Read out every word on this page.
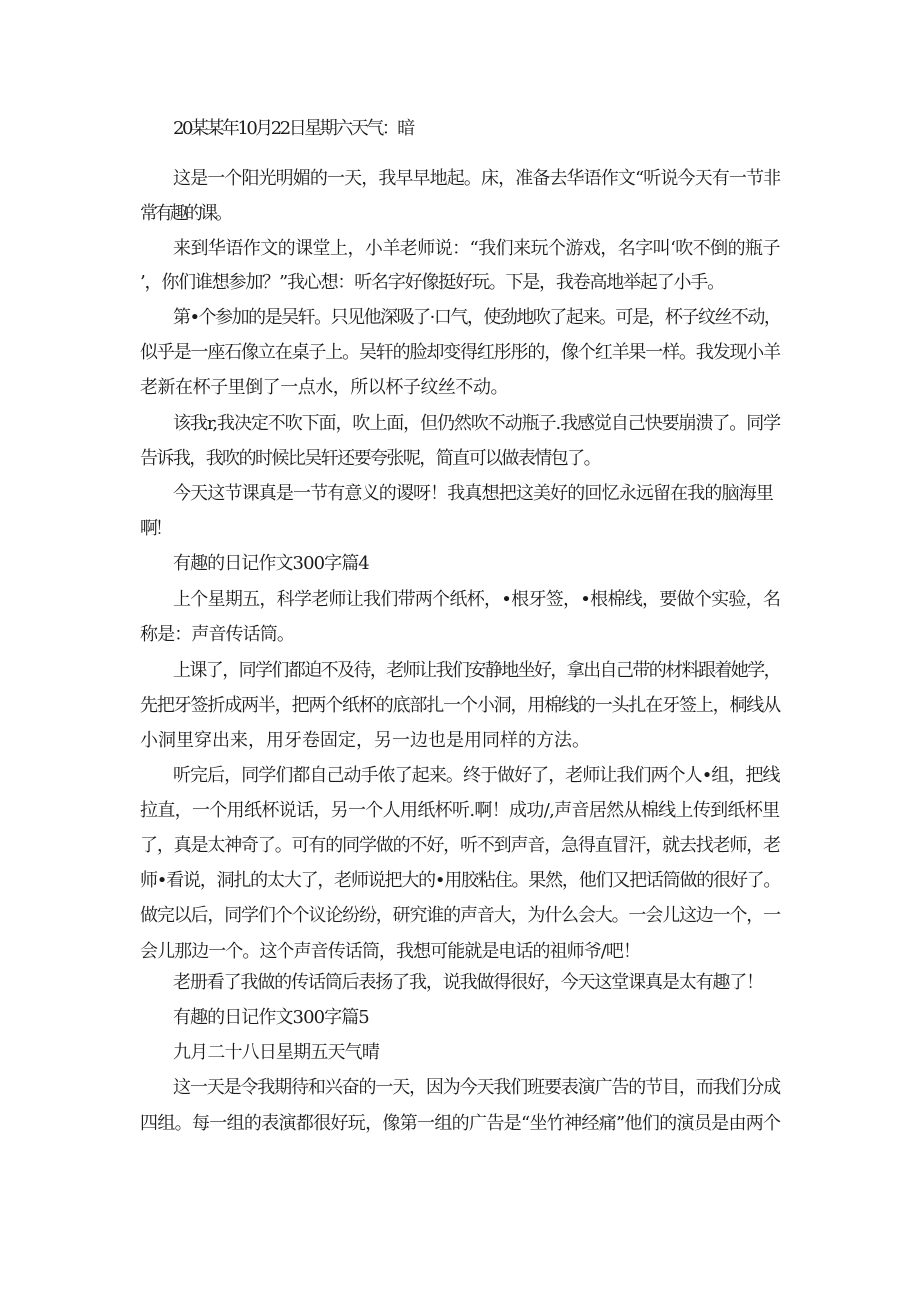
20某某年10月22日星期六天气：暗
这是一个阳光明媚的一天，我早早地起。床，准备去华语作文“听说今天有一节非
常有趣的课。
来到华语作文的课堂上，小羊老师说：“我们来玩个游戏，名字叫‘吹不倒的瓶子
’，你们谁想参加？”我心想：听名字好像挺好玩。下是，我卷高地举起了小手。
第•个参加的是吴轩。只见他深吸了·口气，使劲地吹了起来。可是，杯子纹丝不动，
似乎是一座石像立在桌子上。吴轩的脸却变得红彤彤的，像个红羊果一样。我发现小羊
老新在杯子里倒了一点水，所以杯子纹丝不动。
该我r,我决定不吹下面，吹上面，但仍然吹不动瓶子.我感觉自己快要崩溃了。同学
告诉我，我吹的时候比吴轩还要夸张呢，简直可以做表情包了。
今天这节课真是一节有意义的谡呀！我真想把这美好的回忆永远留在我的脑海里
啊！
有趣的日记作文300字篇4
上个星期五，科学老师让我们带两个纸杯，•根牙签，•根棉线，要做个实验，名
称是：声音传话筒。
上课了，同学们都迫不及待，老师让我们安静地坐好，拿出自己带的材料跟着她学，
先把牙签折成两半，把两个纸杯的底部扎一个小洞，用棉线的一头扎在牙签上，桐线从
小洞里穿出来，用牙卷固定，另一边也是用同样的方法。
听完后，同学们都自己动手侬了起来。终于做好了，老师让我们两个人•组，把线
拉直，一个用纸杯说话，另一个人用纸杯听.啊！成功/,声音居然从棉线上传到纸杯里
了，真是太神奇了。可有的同学做的不好，听不到声音，急得直冒汗，就去找老师，老
师•看说，洞扎的太大了，老师说把大的•用胶粘住。果然，他们又把话筒做的很好了。
做完以后，同学们个个议论纷纷，研究谁的声音大，为什么会大。一会儿这边一个，一
会儿那边一个。这个声音传话筒，我想可能就是电话的祖师爷/吧！
老册看了我做的传话筒后表扬了我，说我做得很好，今天这堂课真是太有趣了！
有趣的日记作文300字篇5
九月二十八日星期五天气晴
这一天是令我期待和兴奋的一天，因为今天我们班要表演广告的节目，而我们分成
四组。每一组的表演都很好玩，像第一组的广告是“坐竹神经痛”他们的演员是由两个
